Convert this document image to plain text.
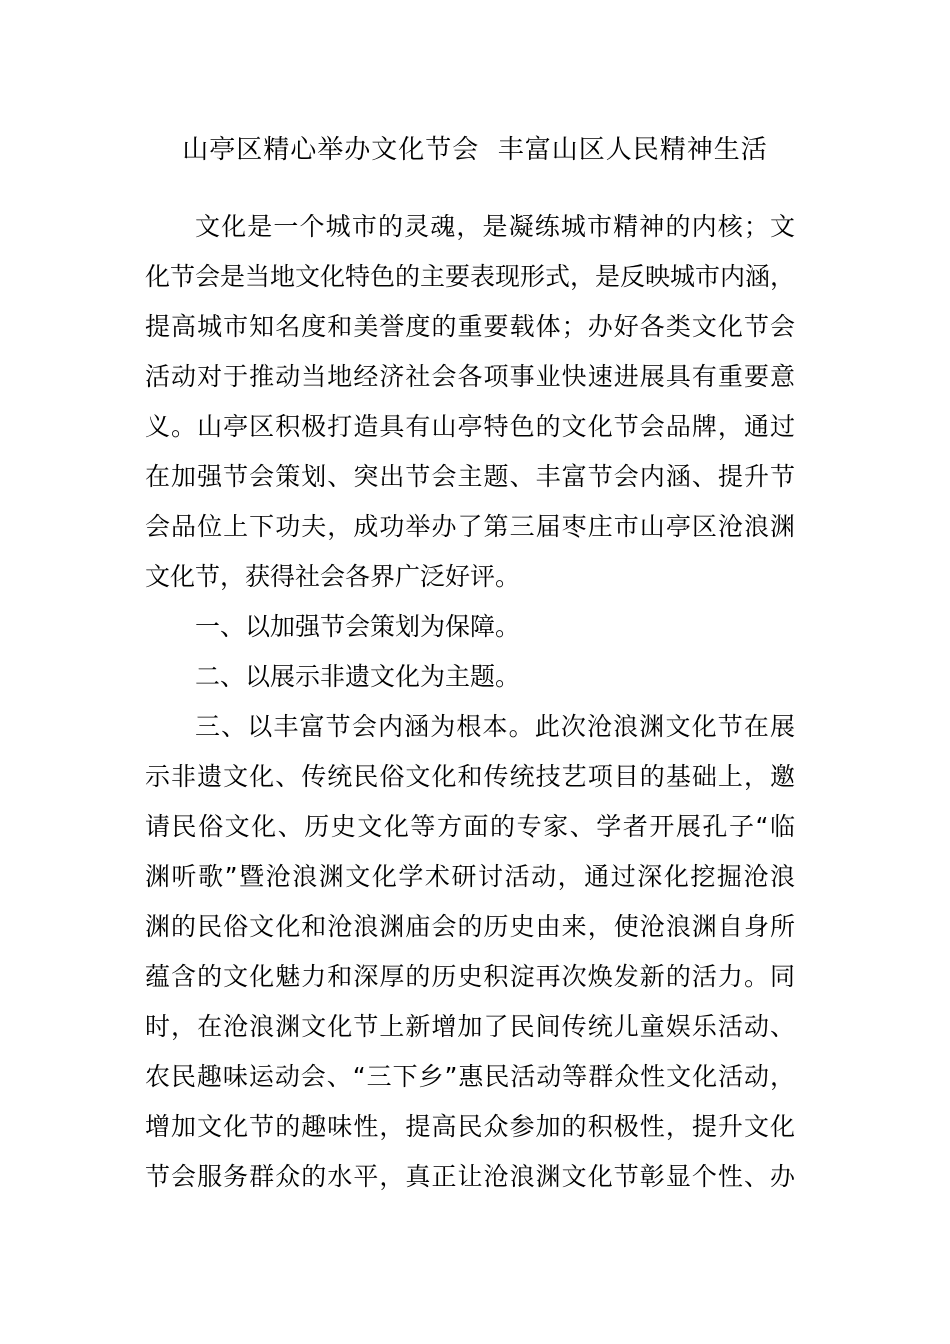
山亭区精心举办文化节会  丰富山区人民精神生活
文化是一个城市的灵魂，是凝练城市精神的内核；文
化节会是当地文化特色的主要表现形式，是反映城市内涵，
提高城市知名度和美誉度的重要载体；办好各类文化节会
活动对于推动当地经济社会各项事业快速进展具有重要意
义。山亭区积极打造具有山亭特色的文化节会品牌，通过
在加强节会策划、突出节会主题、丰富节会内涵、提升节
会品位上下功夫，成功举办了第三届枣庄市山亭区沧浪渊
文化节，获得社会各界广泛好评。
一、以加强节会策划为保障。
二、以展示非遗文化为主题。
三、以丰富节会内涵为根本。此次沧浪渊文化节在展
示非遗文化、传统民俗文化和传统技艺项目的基础上，邀
请民俗文化、历史文化等方面的专家、学者开展孔子“临
渊听歌”暨沧浪渊文化学术研讨活动，通过深化挖掘沧浪
渊的民俗文化和沧浪渊庙会的历史由来，使沧浪渊自身所
蕴含的文化魅力和深厚的历史积淀再次焕发新的活力。同
时，在沧浪渊文化节上新增加了民间传统儿童娱乐活动、
农民趣味运动会、“三下乡”惠民活动等群众性文化活动，
增加文化节的趣味性，提高民众参加的积极性，提升文化
节会服务群众的水平，真正让沧浪渊文化节彰显个性、办
